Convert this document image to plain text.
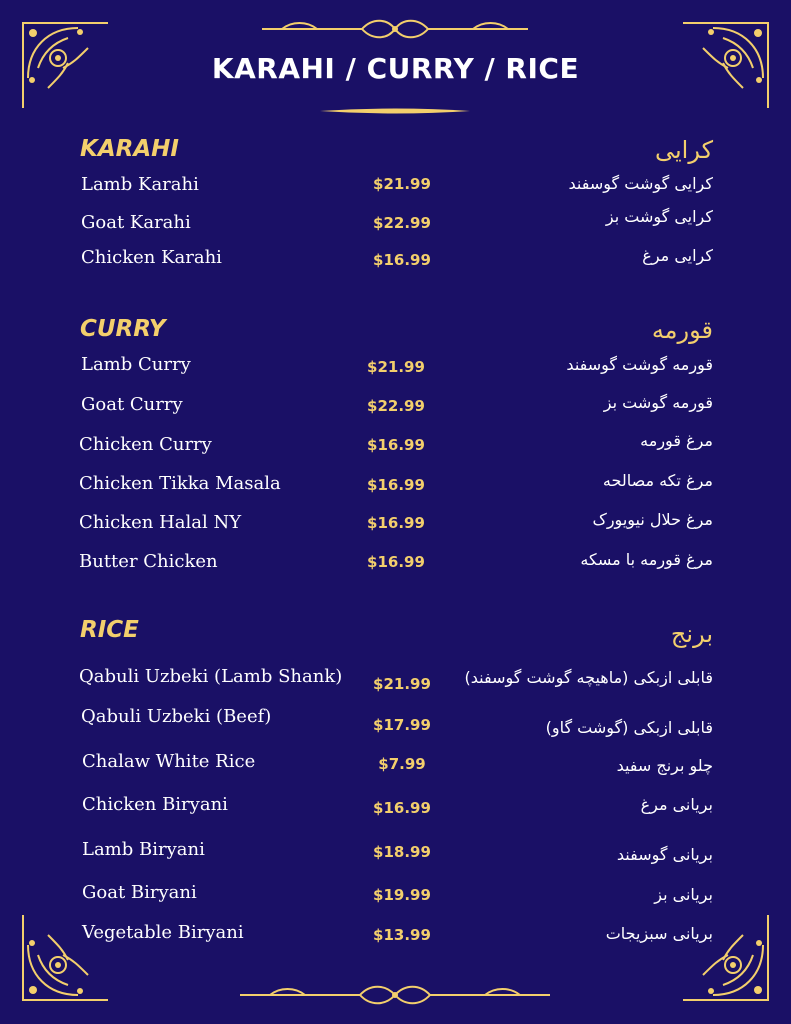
KARAHI / CURRY / RICE
KARAHI	کرایی
Lamb Karahi	$21.99	کرایی گوشت گوسفند
Goat Karahi	$22.99	کرایی گوشت بز
Chicken Karahi	$16.99	کرایی مرغ
CURRY	قورمه
Lamb Curry	$21.99	قورمه گوشت گوسفند
Goat Curry	$22.99	قورمه گوشت بز
Chicken Curry	$16.99	مرغ قورمه
Chicken Tikka Masala	$16.99	مرغ تکه مصالحه
Chicken Halal NY	$16.99	مرغ حلال نیویورک
Butter Chicken	$16.99	مرغ قورمه با مسکه
RICE	برنج
Qabuli Uzbeki (Lamb Shank)	$21.99	قابلی ازبکی (ماهیچه گوشت گوسفند)
Qabuli Uzbeki (Beef)	$17.99	قابلی ازبکی (گوشت گاو)
Chalaw White Rice	$7.99	چلو برنج سفید
Chicken Biryani	$16.99	بریانی مرغ
Lamb Biryani	$18.99	بریانی گوسفند
Goat Biryani	$19.99	بریانی بز
Vegetable Biryani	$13.99	بریانی سبزیجات
